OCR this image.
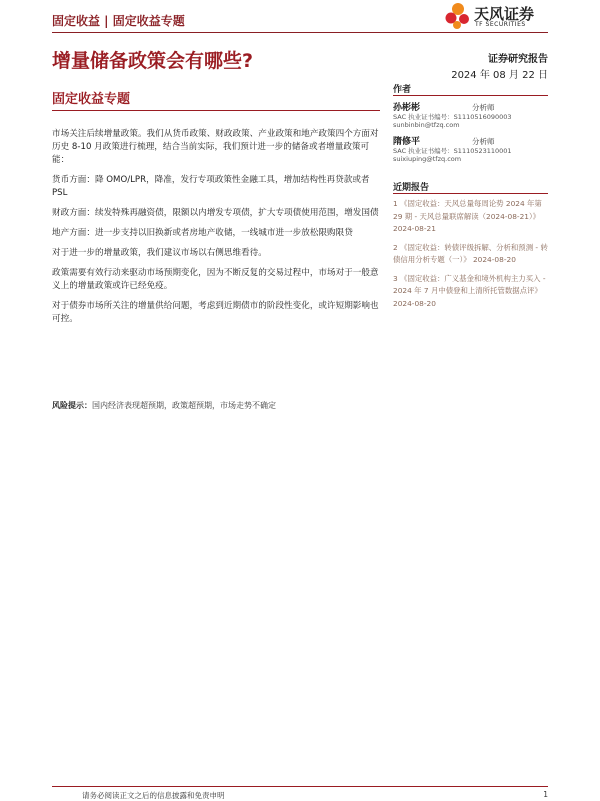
固定收益 | 固定收益专题	天风证券
TF SECURITIES
增量储备政策会有哪些?	证券研究报告
2024 年 08 月 22 日
固定收益专题

市场关注后续增量政策。我们从货币政策、财政政策、产业政策和地产政策四个方面对历史 8-10 月政策进行梳理，结合当前实际，我们预计进一步的储备或者增量政策可能：

货币方面：降 OMO/LPR，降准，发行专项政策性金融工具，增加结构性再贷款或者 PSL

财政方面：续发特殊再融资债，限额以内增发专项债，扩大专项债使用范围，增发国债

地产方面：进一步支持以旧换新或者房地产收储，一线城市进一步放松限购限贷

对于进一步的增量政策，我们建议市场以右侧思维看待。

政策需要有效行动来驱动市场预期变化，因为不断反复的交易过程中，市场对于一般意义上的增量政策或许已经免疫。

对于债券市场所关注的增量供给问题，考虑到近期债市的阶段性变化，或许短期影响也可控。

风险提示：国内经济表现超预期，政策超预期，市场走势不确定
作者
孙彬彬	分析师
SAC 执业证书编号：S1110516090003
sunbinbin@tfzq.com
隋修平	分析师
SAC 执业证书编号：S1110523110001
suixiuping@tfzq.com
近期报告

1 《固定收益：天风总量每周论势 2024 年第 29 期 - 天风总量联席解读（2024-08-21）》 2024-08-21

2 《固定收益：转债评级拆解、分析和预测 - 转债信用分析专题（一）》 2024-08-20

3 《固定收益：广义基金和境外机构主力买入 - 2024 年 7 月中债登和上清所托管数据点评》 2024-08-20

请务必阅读正文之后的信息披露和免责申明	1
